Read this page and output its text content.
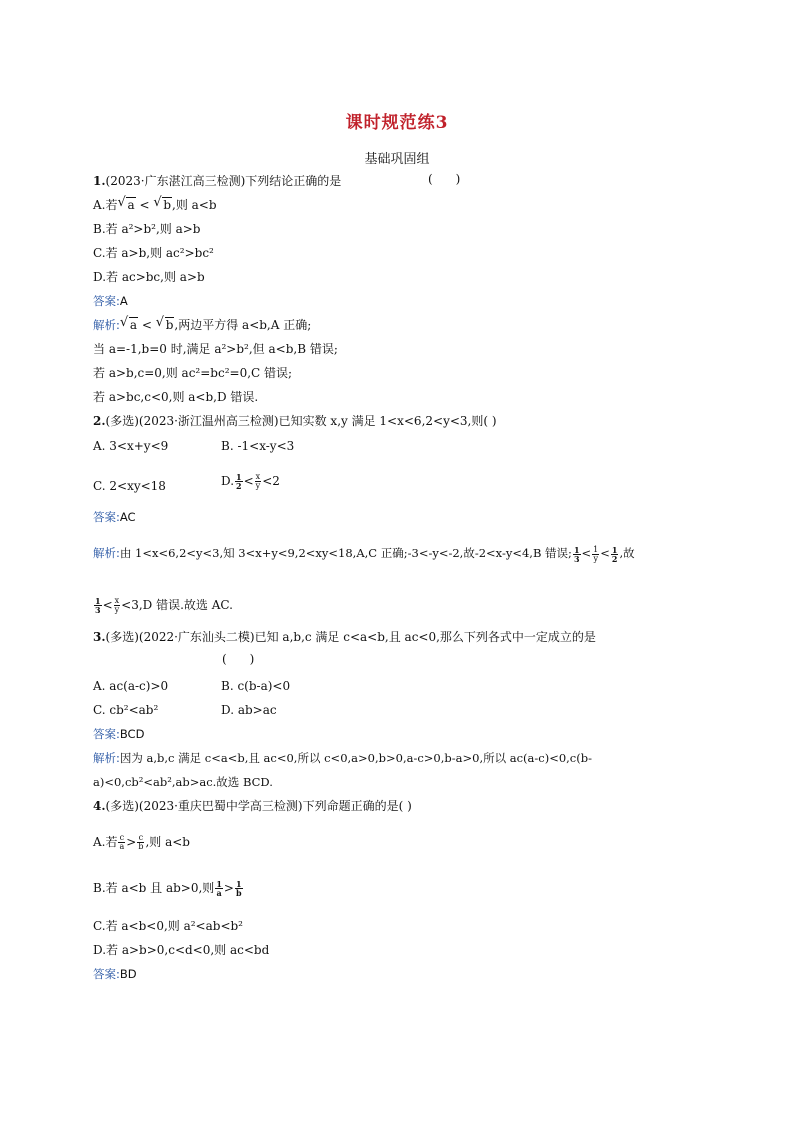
课时规范练3
基础巩固组
1.(2023·广东湛江高三检测)下列结论正确的是	(      )
A.若 √ a < √ b,则 a<b
B.若 a²>b²,则 a>b
C.若 a>b,则 ac²>bc²
D.若 ac>bc,则 a>b
答案:A
解析: √ a < √ b,两边平方得 a<b,A 正确;
当 a=-1,b=0 时,满足 a²>b²,但 a<b,B 错误;
若 a>b,c=0,则 ac²=bc²=0,C 错误;
若 a>bc,c<0,则 a<b,D 错误.
2.(多选)(2023·浙江温州高三检测)已知实数 x,y 满足 1<x<6,2<y<3,则( )
A. 3<x+y<9	B. -1<x-y<3
C. 2<xy<18	D. $\frac{1}{2} < \frac{x}{y} <2$
答案:AC
解析:由 1<x<6,2<y<3,知 3<x+y<9,2<xy<18,A,C 正确;-3<-y<-2,故-2<x-y<4,B 错误; $\frac{1}{3} < \frac{1}{y} < \frac{1}{2}$ ,故
$\frac{1}{3} < \frac{x}{y} <3,D$ 错误.故选 AC.
3.(多选)(2022·广东汕头二模)已知 a,b,c 满足 c<a<b,且 ac<0,那么下列各式中一定成立的是
(      )
A. ac(a-c)>0	B. c(b-a)<0
C. cb²<ab²	D. ab>ac
答案:BCD
解析:因为 a,b,c 满足 c<a<b,且 ac<0,所以 c<0,a>0,b>0,a-c>0,b-a>0,所以 ac(a-c)<0,c(b-
a)<0,cb²<ab²,ab>ac.故选 BCD.
4.(多选)(2023·重庆巴蜀中学高三检测)下列命题正确的是( )
A.若 $\frac{c}{a} > \frac{c}{b}$ ,则 a<b
B.若 a<b 且 ab>0,则 $\frac{1}{a} > \frac{1}{b}$
C.若 a<b<0,则 a²<ab<b²
D.若 a>b>0,c<d<0,则 ac<bd
答案:BD
